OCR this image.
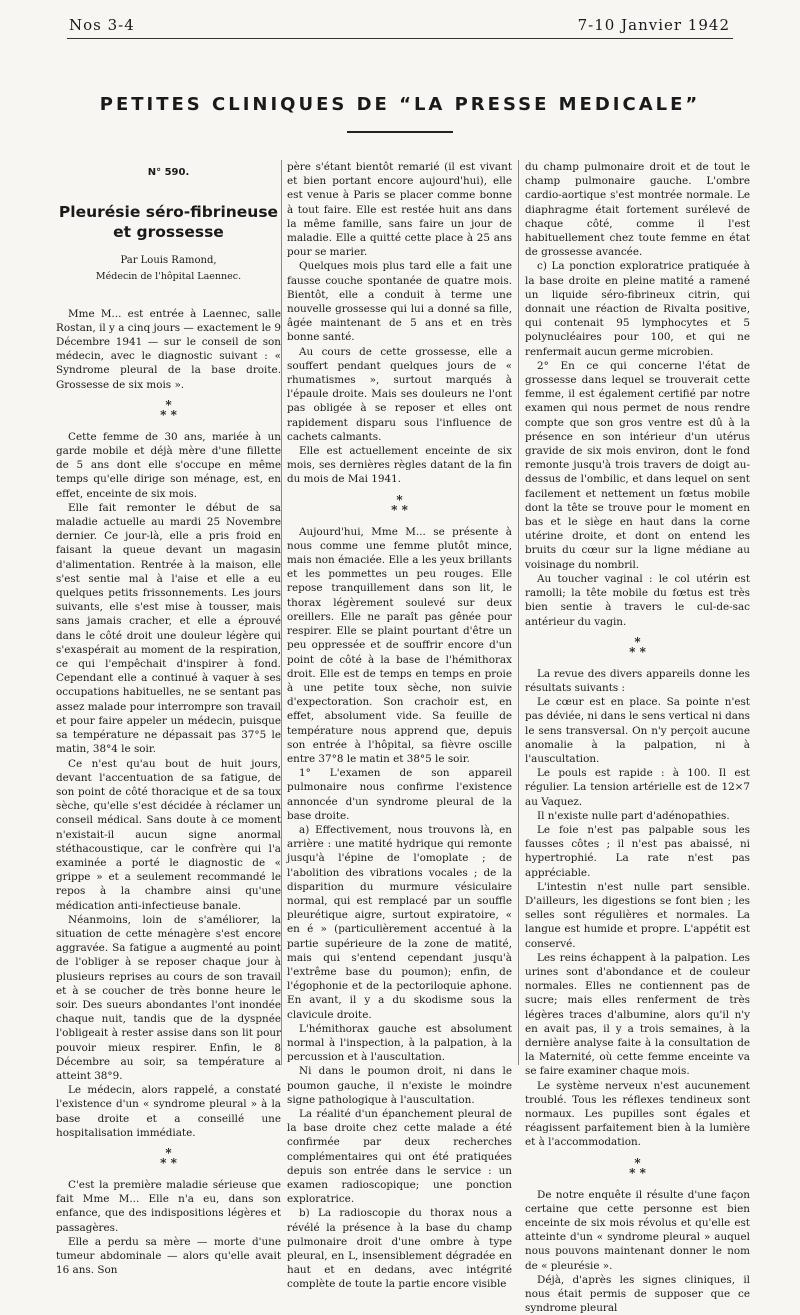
Nos 3-4	7-10 Janvier 1942
PETITES CLINIQUES DE “LA PRESSE MEDICALE”
N° 590.
Pleurésie séro-fibrineuse
et grossesse
Par Louis Ramond,
Médecin de l'hôpital Laennec.

Mme M... est entrée à Laennec, salle Rostan, il y a cinq jours — exactement le 9 Décembre 1941 — sur le conseil de son médecin, avec le diagnostic suivant : « Syndrome pleural de la base droite. Grossesse de six mois ».

*
* *

Cette femme de 30 ans, mariée à un garde mobile et déjà mère d'une fillette de 5 ans dont elle s'occupe en même temps qu'elle dirige son ménage, est, en effet, enceinte de six mois.

Elle fait remonter le début de sa maladie actuelle au mardi 25 Novembre dernier. Ce jour-là, elle a pris froid en faisant la queue devant un magasin d'alimentation. Rentrée à la maison, elle s'est sentie mal à l'aise et elle a eu quelques petits frissonnements. Les jours suivants, elle s'est mise à tousser, mais sans jamais cracher, et elle a éprouvé dans le côté droit une douleur légère qui s'exaspérait au moment de la respiration, ce qui l'empêchait d'inspirer à fond. Cependant elle a continué à vaquer à ses occupations habituelles, ne se sentant pas assez malade pour interrompre son travail et pour faire appeler un médecin, puisque sa température ne dépassait pas 37°5 le matin, 38°4 le soir.

Ce n'est qu'au bout de huit jours, devant l'accentuation de sa fatigue, de son point de côté thoracique et de sa toux sèche, qu'elle s'est décidée à réclamer un conseil médical. Sans doute à ce moment n'existait-il aucun signe anormal stéthacoustique, car le confrère qui l'a examinée a porté le diagnostic de « grippe » et a seulement recommandé le repos à la chambre ainsi qu'une médication anti-infectieuse banale.

Néanmoins, loin de s'améliorer, la situation de cette ménagère s'est encore aggravée. Sa fatigue a augmenté au point de l'obliger à se reposer chaque jour à plusieurs reprises au cours de son travail et à se coucher de très bonne heure le soir. Des sueurs abondantes l'ont inondée chaque nuit, tandis que de la dyspnée l'obligeait à rester assise dans son lit pour pouvoir mieux respirer. Enfin, le 8 Décembre au soir, sa température a atteint 38°9.

Le médecin, alors rappelé, a constaté l'existence d'un « syndrome pleural » à la base droite et a conseillé une hospitalisation immédiate.

*
* *

C'est la première maladie sérieuse que fait Mme M... Elle n'a eu, dans son enfance, que des indispositions légères et passagères.

Elle a perdu sa mère — morte d'une tumeur abdominale — alors qu'elle avait 16 ans. Son

père s'étant bientôt remarié (il est vivant et bien portant encore aujourd'hui), elle est venue à Paris se placer comme bonne à tout faire. Elle est restée huit ans dans la même famille, sans faire un jour de maladie. Elle a quitté cette place à 25 ans pour se marier.

Quelques mois plus tard elle a fait une fausse couche spontanée de quatre mois. Bientôt, elle a conduit à terme une nouvelle grossesse qui lui a donné sa fille, âgée maintenant de 5 ans et en très bonne santé.

Au cours de cette grossesse, elle a souffert pendant quelques jours de « rhumatismes », surtout marqués à l'épaule droite. Mais ses douleurs ne l'ont pas obligée à se reposer et elles ont rapidement disparu sous l'influence de cachets calmants.

Elle est actuellement enceinte de six mois, ses dernières règles datant de la fin du mois de Mai 1941.

*
* *

Aujourd'hui, Mme M... se présente à nous comme une femme plutôt mince, mais non émaciée. Elle a les yeux brillants et les pommettes un peu rouges. Elle repose tranquillement dans son lit, le thorax légèrement soulevé sur deux oreillers. Elle ne paraît pas gênée pour respirer. Elle se plaint pourtant d'être un peu oppressée et de souffrir encore d'un point de côté à la base de l'hémithorax droit. Elle est de temps en temps en proie à une petite toux sèche, non suivie d'expectoration. Son crachoir est, en effet, absolument vide. Sa feuille de température nous apprend que, depuis son entrée à l'hôpital, sa fièvre oscille entre 37°8 le matin et 38°5 le soir.

1° L'examen de son appareil pulmonaire nous confirme l'existence annoncée d'un syndrome pleural de la base droite.

a) Effectivement, nous trouvons là, en arrière : une matité hydrique qui remonte jusqu'à l'épine de l'omoplate ; de l'abolition des vibrations vocales ; de la disparition du murmure vésiculaire normal, qui est remplacé par un souffle pleurétique aigre, surtout expiratoire, « en é » (particulièrement accentué à la partie supérieure de la zone de matité, mais qui s'entend cependant jusqu'à l'extrême base du poumon); enfin, de l'égophonie et de la pectoriloquie aphone. En avant, il y a du skodisme sous la clavicule droite.

L'hémithorax gauche est absolument normal à l'inspection, à la palpation, à la percussion et à l'auscultation.

Ni dans le poumon droit, ni dans le poumon gauche, il n'existe le moindre signe pathologique à l'auscultation.

La réalité d'un épanchement pleural de la base droite chez cette malade a été confirmée par deux recherches complémentaires qui ont été pratiquées depuis son entrée dans le service : un examen radioscopique; une ponction exploratrice.

b) La radioscopie du thorax nous a révélé la présence à la base du champ pulmonaire droit d'une ombre à type pleural, en L, insensiblement dégradée en haut et en dedans, avec intégrité complète de toute la partie encore visible

du champ pulmonaire droit et de tout le champ pulmonaire gauche. L'ombre cardio-aortique s'est montrée normale. Le diaphragme était fortement surélevé de chaque côté, comme il l'est habituellement chez toute femme en état de grossesse avancée.

c) La ponction exploratrice pratiquée à la base droite en pleine matité a ramené un liquide séro-fibrineux citrin, qui donnait une réaction de Rivalta positive, qui contenait 95 lymphocytes et 5 polynucléaires pour 100, et qui ne renfermait aucun germe microbien.

2° En ce qui concerne l'état de grossesse dans lequel se trouverait cette femme, il est également certifié par notre examen qui nous permet de nous rendre compte que son gros ventre est dû à la présence en son intérieur d'un utérus gravide de six mois environ, dont le fond remonte jusqu'à trois travers de doigt au-dessus de l'ombilic, et dans lequel on sent facilement et nettement un fœtus mobile dont la tête se trouve pour le moment en bas et le siège en haut dans la corne utérine droite, et dont on entend les bruits du cœur sur la ligne médiane au voisinage du nombril.

Au toucher vaginal : le col utérin est ramolli; la tête mobile du fœtus est très bien sentie à travers le cul-de-sac antérieur du vagin.

*
* *

La revue des divers appareils donne les résultats suivants :

Le cœur est en place. Sa pointe n'est pas déviée, ni dans le sens vertical ni dans le sens transversal. On n'y perçoit aucune anomalie à la palpation, ni à l'auscultation.

Le pouls est rapide : à 100. Il est régulier. La tension artérielle est de 12×7 au Vaquez.

Il n'existe nulle part d'adénopathies.

Le foie n'est pas palpable sous les fausses côtes ; il n'est pas abaissé, ni hypertrophié. La rate n'est pas appréciable.

L'intestin n'est nulle part sensible. D'ailleurs, les digestions se font bien ; les selles sont régulières et normales. La langue est humide et propre. L'appétit est conservé.

Les reins échappent à la palpation. Les urines sont d'abondance et de couleur normales. Elles ne contiennent pas de sucre; mais elles renferment de très légères traces d'albumine, alors qu'il n'y en avait pas, il y a trois semaines, à la dernière analyse faite à la consultation de la Maternité, où cette femme enceinte va se faire examiner chaque mois.

Le système nerveux n'est aucunement troublé. Tous les réflexes tendineux sont normaux. Les pupilles sont égales et réagissent parfaitement bien à la lumière et à l'accommodation.

*
* *

De notre enquête il résulte d'une façon certaine que cette personne est bien enceinte de six mois révolus et qu'elle est atteinte d'un « syndrome pleural » auquel nous pouvons maintenant donner le nom de « pleurésie ».

Déjà, d'après les signes cliniques, il nous était permis de supposer que ce syndrome pleural
